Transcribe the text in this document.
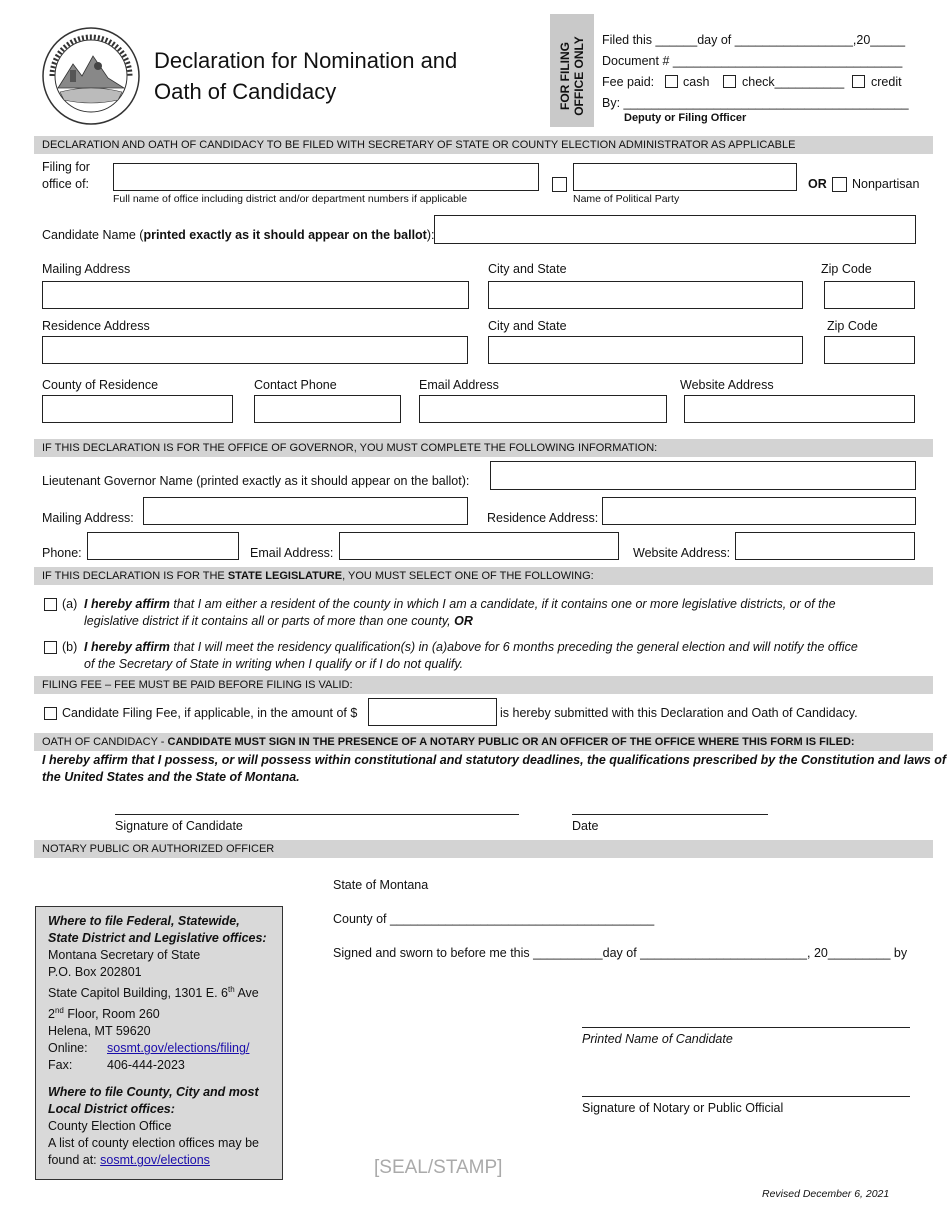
Declaration for Nomination and
Oath of Candidacy	FOR FILING OFFICE ONLY Filed this ______day of _________________,20_____
Document # _________________________________
Fee paid: cash	check__________ credit
By: _________________________________________
Deputy or Filing Officer
DECLARATION AND OATH OF CANDIDACY TO BE FILED WITH SECRETARY OF STATE OR COUNTY ELECTION ADMINISTRATOR AS APPLICABLE
Filing for
office of:
Full name of office including district and/or department numbers if applicable	Name of Political Party
OR Nonpartisan
Candidate Name (printed exactly as it should appear on the ballot):
Mailing Address	City and State	Zip Code
Residence Address	City and State	Zip Code
County of Residence	Contact Phone	Email Address	Website Address
IF THIS DECLARATION IS FOR THE OFFICE OF GOVERNOR, YOU MUST COMPLETE THE FOLLOWING INFORMATION:
Lieutenant Governor Name (printed exactly as it should appear on the ballot):
Mailing Address:	Residence Address:
Phone:	Email Address:	Website Address:
IF THIS DECLARATION IS FOR THE STATE LEGISLATURE, YOU MUST SELECT ONE OF THE FOLLOWING:
(a) I hereby affirm that I am either a resident of the county in which I am a candidate, if it contains one or more legislative districts, or of the
legislative district if it contains all or parts of more than one county, OR
(b) I hereby affirm that I will meet the residency qualification(s) in (a)above for 6 months preceding the general election and will notify the office
of the Secretary of State in writing when I qualify or if I do not qualify.
FILING FEE – FEE MUST BE PAID BEFORE FILING IS VALID:
Candidate Filing Fee, if applicable, in the amount of $	is hereby submitted with this Declaration and Oath of Candidacy.
OATH OF CANDIDACY - CANDIDATE MUST SIGN IN THE PRESENCE OF A NOTARY PUBLIC OR AN OFFICER OF THE OFFICE WHERE THIS FORM IS FILED:
I hereby affirm that I possess, or will possess within constitutional and statutory deadlines, the qualifications prescribed by the Constitution and laws of
the United States and the State of Montana.
Signature of Candidate	Date
NOTARY PUBLIC OR AUTHORIZED OFFICER
Where to file Federal, Statewide,
State District and Legislative offices:
Montana Secretary of State
P.O. Box 202801
State Capitol Building, 1301 E. 6th Ave
2nd Floor, Room 260
Helena, MT 59620
Online: sosmt.gov/elections/filing/
Fax:	406-444-2023
Where to file County, City and most
Local District offices:
County Election Office
A list of county election offices may be
found at: sosmt.gov/elections
State of Montana
County of ______________________________________
Signed and sworn to before me this __________day of ________________________, 20_________ by
Printed Name of Candidate
Signature of Notary or Public Official
[SEAL/STAMP]
Revised December 6, 2021
